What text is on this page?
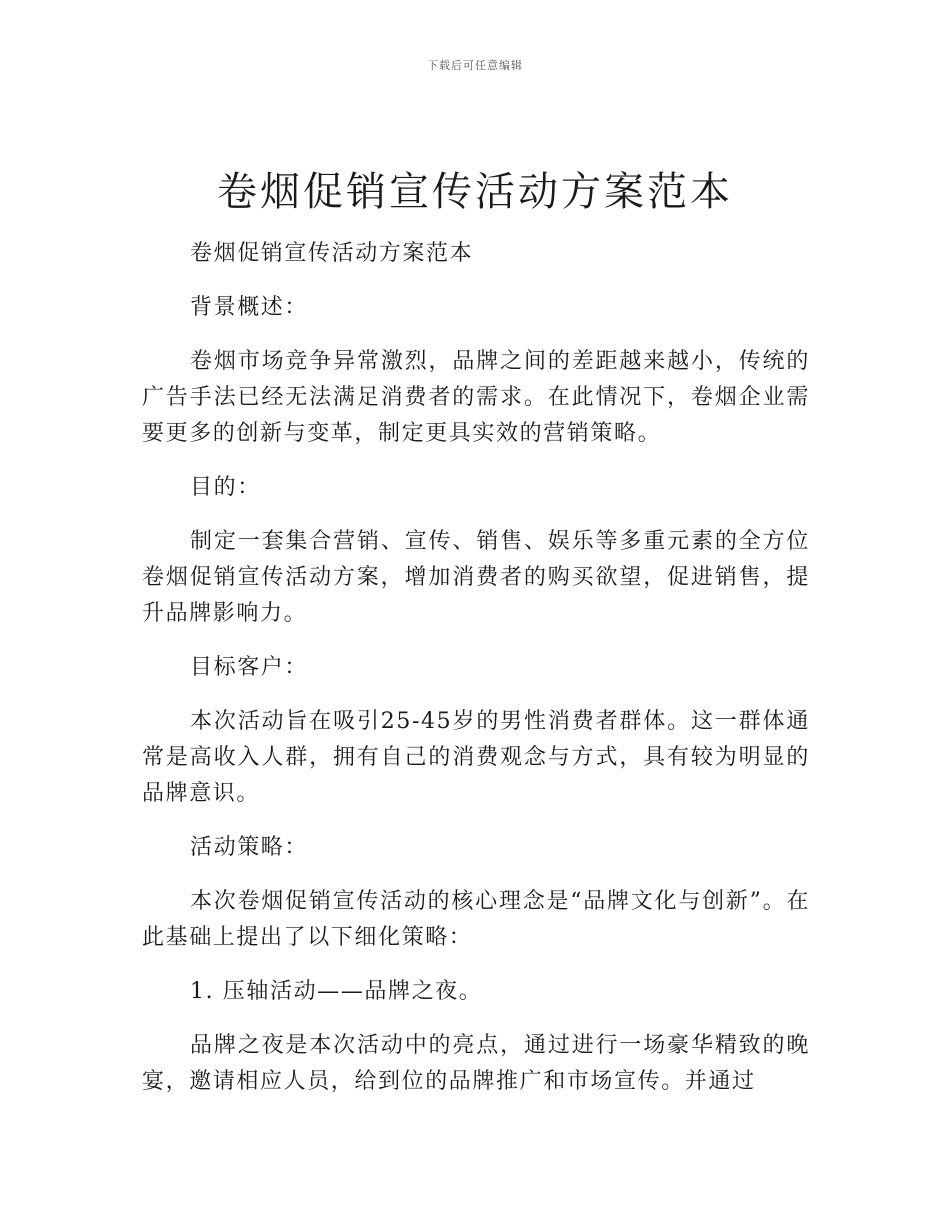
下载后可任意编辑
卷烟促销宣传活动方案范本

卷烟促销宣传活动方案范本

背景概述：

卷烟市场竞争异常激烈，品牌之间的差距越来越小，传统的广告手法已经无法满足消费者的需求。在此情况下，卷烟企业需要更多的创新与变革，制定更具实效的营销策略。

目的：

制定一套集合营销、宣传、销售、娱乐等多重元素的全方位卷烟促销宣传活动方案，增加消费者的购买欲望，促进销售，提升品牌影响力。

目标客户：

本次活动旨在吸引25-45岁的男性消费者群体。这一群体通常是高收入人群，拥有自己的消费观念与方式，具有较为明显的品牌意识。

活动策略：

本次卷烟促销宣传活动的核心理念是“品牌文化与创新”。在此基础上提出了以下细化策略：

1. 压轴活动——品牌之夜。

品牌之夜是本次活动中的亮点，通过进行一场豪华精致的晚宴，邀请相应人员，给到位的品牌推广和市场宣传。并通过
